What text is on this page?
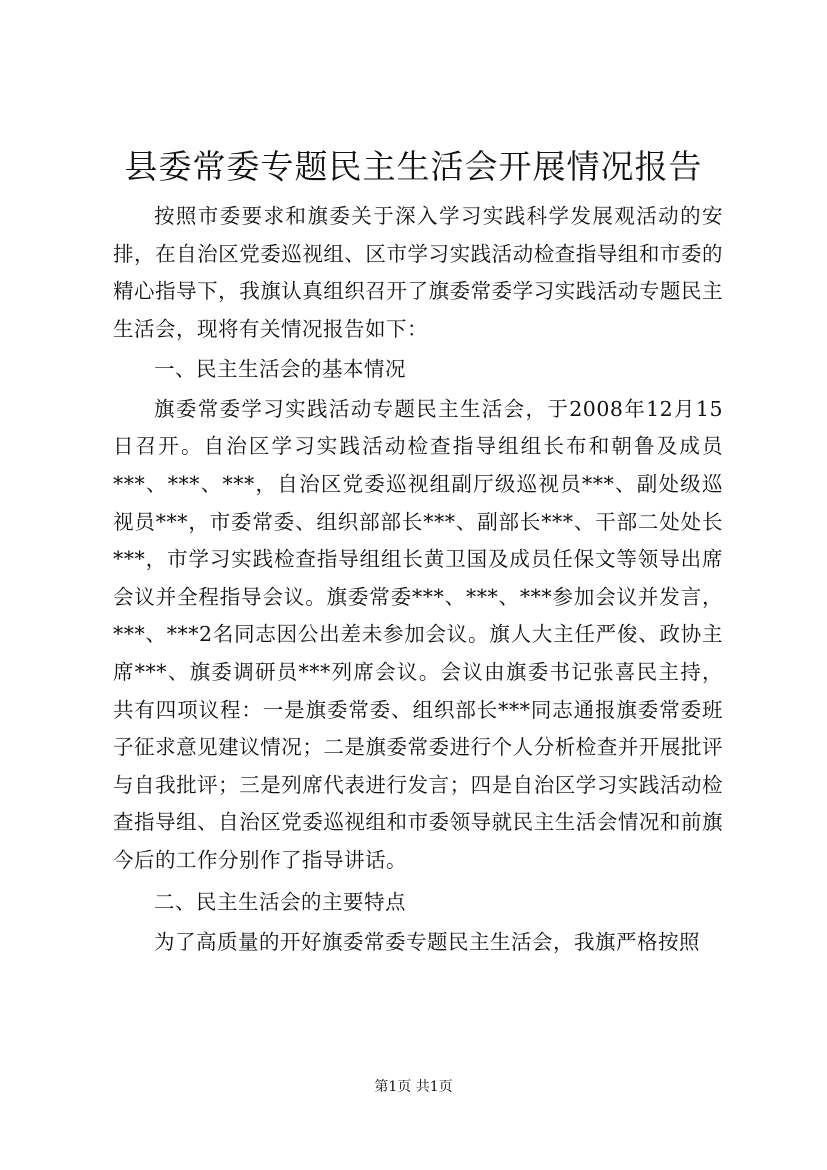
县委常委专题民主生活会开展情况报告

按照市委要求和旗委关于深入学习实践科学发展观活动的安排，在自治区党委巡视组、区市学习实践活动检查指导组和市委的精心指导下，我旗认真组织召开了旗委常委学习实践活动专题民主生活会，现将有关情况报告如下：

一、民主生活会的基本情况

旗委常委学习实践活动专题民主生活会，于2008年12月15日召开。自治区学习实践活动检查指导组组长布和朝鲁及成员***、***、***，自治区党委巡视组副厅级巡视员***、副处级巡视员***，市委常委、组织部部长***、副部长***、干部二处处长***，市学习实践检查指导组组长黄卫国及成员任保文等领导出席会议并全程指导会议。旗委常委***、***、***参加会议并发言，***、***2名同志因公出差未参加会议。旗人大主任严俊、政协主席***、旗委调研员***列席会议。会议由旗委书记张喜民主持，共有四项议程：一是旗委常委、组织部长***同志通报旗委常委班子征求意见建议情况；二是旗委常委进行个人分析检查并开展批评与自我批评；三是列席代表进行发言；四是自治区学习实践活动检查指导组、自治区党委巡视组和市委领导就民主生活会情况和前旗今后的工作分别作了指导讲话。

二、民主生活会的主要特点

为了高质量的开好旗委常委专题民主生活会，我旗严格按照

第1页 共1页
